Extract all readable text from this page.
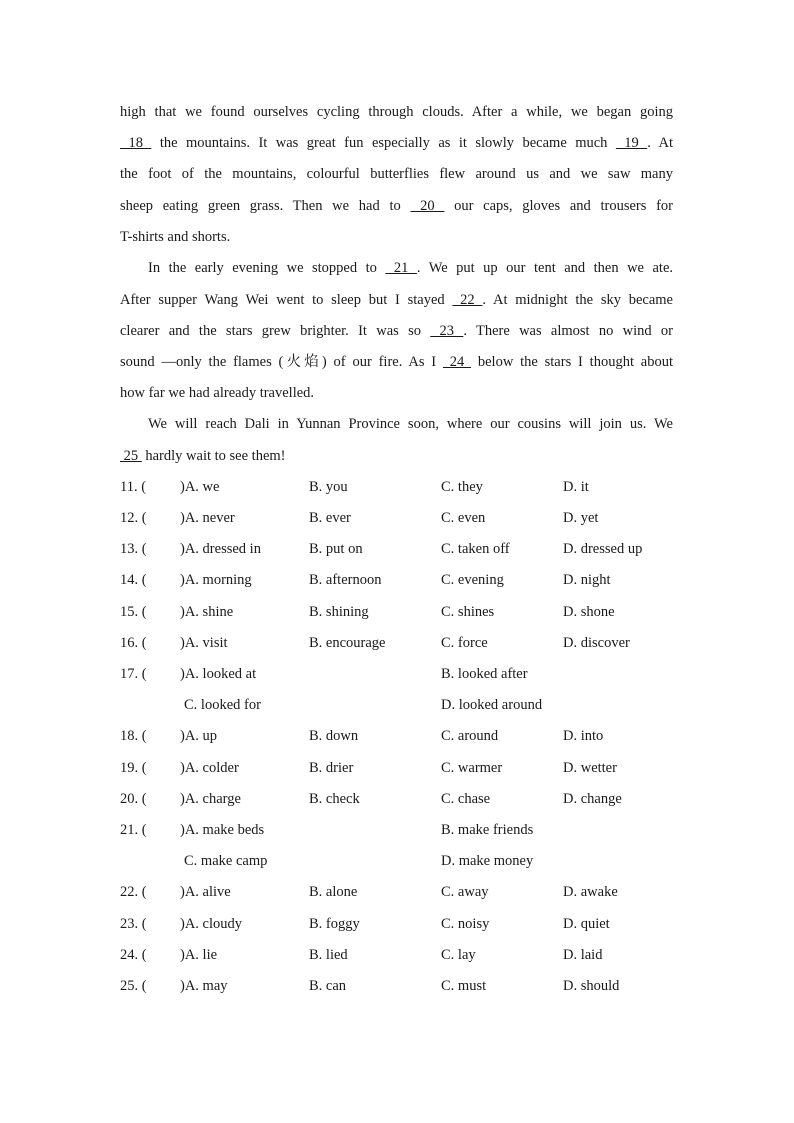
high that we found ourselves cycling through clouds. After a while, we began going
18  the mountains. It was great fun especially as it slowly became much  19 . At
the foot of the mountains, colourful butterflies flew around us and we saw many
sheep eating green grass. Then we had to  20  our caps, gloves and trousers for
T-shirts and shorts.
In the early evening we stopped to  21 . We put up our tent and then we ate.
After supper Wang Wei went to sleep but I stayed  22 . At midnight the sky became
clearer and the stars grew brighter. It was so  23 . There was almost no wind or
sound —only the flames (火焰) of our fire. As I  24  below the stars I thought about
how far we had already travelled.
We will reach Dali in Yunnan Province soon, where our cousins will join us. We
25  hardly wait to see them!
11. ( )A. we	B. you	C. they	D. it
12. ( )A. never	B. ever	C. even	D. yet
13. ( )A. dressed in	B. put on	C. taken off	D. dressed up
14. ( )A. morning	B. afternoon	C. evening	D. night
15. ( )A. shine	B. shining	C. shines	D. shone
16. ( )A. visit	B. encourage	C. force	D. discover
17. ( )A. looked at	B. looked after
C. looked for	D. looked around
18. ( )A. up	B. down	C. around	D. into
19. ( )A. colder	B. drier	C. warmer	D. wetter
20. ( )A. charge	B. check	C. chase	D. change
21. ( )A. make beds	B. make friends
C. make camp	D. make money
22. ( )A. alive	B. alone	C. away	D. awake
23. ( )A. cloudy	B. foggy	C. noisy	D. quiet
24. ( )A. lie	B. lied	C. lay	D. laid
25. ( )A. may	B. can	C. must	D. should
